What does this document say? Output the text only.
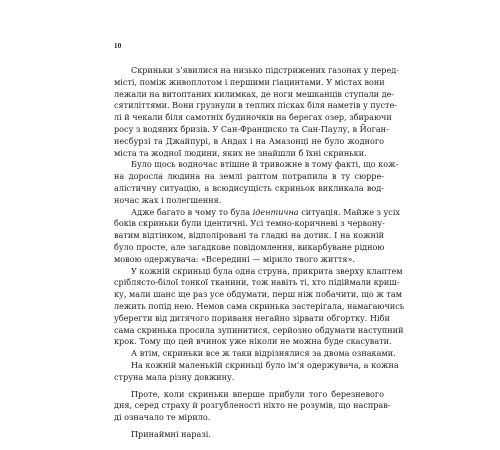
10
Скриньки з’явилися на низько підстрижених газонах у перед-
місті, поміж живоплотом і першими гіацинтами. У містах вони
лежали на витоптаних килимках, де ноги мешканців ступали де-
сятиліттями. Вони грузнули в теплих пісках біля наметів у пусте-
лі й чекали біля самотніх будиночків на берегах озер, збираючи
росу з водяних бризів. У Сан-Франциско та Сан-Паулу, в Йоган-
несбурзі та Джайпурі, в Андах і на Амазонці не було жодного
міста та жодної людини, яких не знайшли б їхні скриньки.
Було щось водночас втішне й тривожне в тому факті, що кож-
на доросла людина на землі раптом потрапила в ту сюрре-
алістичну ситуацію, а всюдисущість скриньок викликала вод-
ночас жах і полегшення.
Адже багато в чому то була ідентична ситуація. Майже з усіх
боків скриньки були ідентичні. Усі темно-коричневі з червону-
ватим відтінком, відполіровані та гладкі на дотик. І на кожній
було просте, але загадкове повідомлення, викарбуване рідною
мовою одержувача: «Всередині — мірило твого життя».
У кожній скриньці була одна струна, прикрита зверху клаптем
сріблясто-білої тонкої тканини, тож навіть ті, хто підіймали криш-
ку, мали шанс ще раз усе обдумати, перш ніж побачити, що ж там
лежить попід нею. Немов сама скринька застерігала, намагаючись
уберегти від дитячого пориваня негайно зірвати обгортку. Ніби
сама скринька просила зупинитися, серйозно обдумати наступний
крок. Тому що цей вчинок уже ніколи не можна буде скасувати.
А втім, скриньки все ж таки відрізнялися за двома ознаками.
На кожній маленькій скриньці було ім’я одержувача, а кожна
струна мала різну довжину.
Проте, коли скриньки вперше прибули того березневого
дня, серед страху й розгубленості ніхто не розумів, що насправ-
ді означало те мірило.
Принаймні наразі.
